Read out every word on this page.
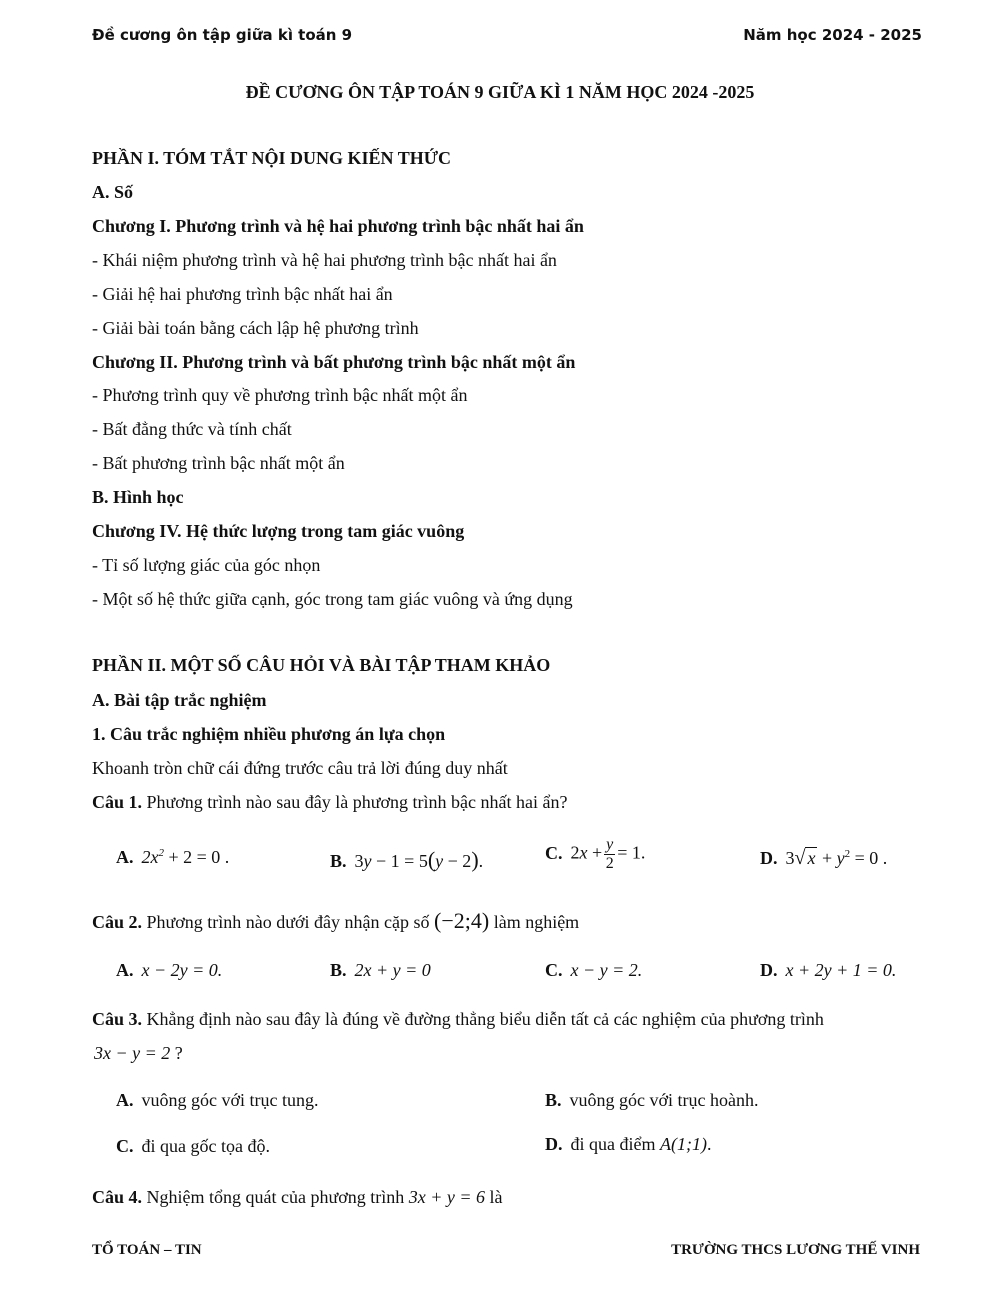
Đề cương ôn tập giữa kì toán 9	Năm học 2024 - 2025
ĐỀ CƯƠNG ÔN TẬP TOÁN 9 GIỮA KÌ 1 NĂM HỌC 2024 -2025
PHẦN I. TÓM TẮT NỘI DUNG KIẾN THỨC
A. Số
Chương I. Phương trình và hệ hai phương trình bậc nhất hai ẩn
- Khái niệm phương trình và hệ hai phương trình bậc nhất hai ẩn
- Giải hệ hai phương trình bậc nhất hai ẩn
- Giải bài toán bằng cách lập hệ phương trình
Chương II. Phương trình và bất phương trình bậc nhất một ẩn
- Phương trình quy về phương trình bậc nhất một ẩn
- Bất đẳng thức và tính chất
- Bất phương trình bậc nhất một ẩn
B. Hình học
Chương IV. Hệ thức lượng trong tam giác vuông
- Tỉ số lượng giác của góc nhọn
- Một số hệ thức giữa cạnh, góc trong tam giác vuông và ứng dụng
PHẦN II. MỘT SỐ CÂU HỎI VÀ BÀI TẬP THAM KHẢO
A. Bài tập trắc nghiệm
1. Câu trắc nghiệm nhiều phương án lựa chọn
Khoanh tròn chữ cái đứng trước câu trả lời đúng duy nhất
Câu 1. Phương trình nào sau đây là phương trình bậc nhất hai ẩn?
A. $2x^2 + 2 = 0$ .	B. 3y − 1 = 5(y − 2).	C. $2x + \frac{y}{2} = 1$.	D. 3√ $x + y^2 = 0$ .
Câu 2. Phương trình nào dưới đây nhận cặp số (−2;4) làm nghiệm
A. x − 2y = 0.	B. 2x + y = 0	C. x − y = 2.	D. x + 2y + 1 = 0.
Câu 3. Khẳng định nào sau đây là đúng về đường thẳng biểu diễn tất cả các nghiệm của phương trình
3x − y = 2 ?
A. vuông góc với trục tung.	B. vuông góc với trục hoành.
C. đi qua gốc tọa độ.	D. đi qua điểm A(1;1).
Câu 4. Nghiệm tổng quát của phương trình 3x + y = 6 là
TỔ TOÁN – TIN	TRƯỜNG THCS LƯƠNG THẾ VINH
